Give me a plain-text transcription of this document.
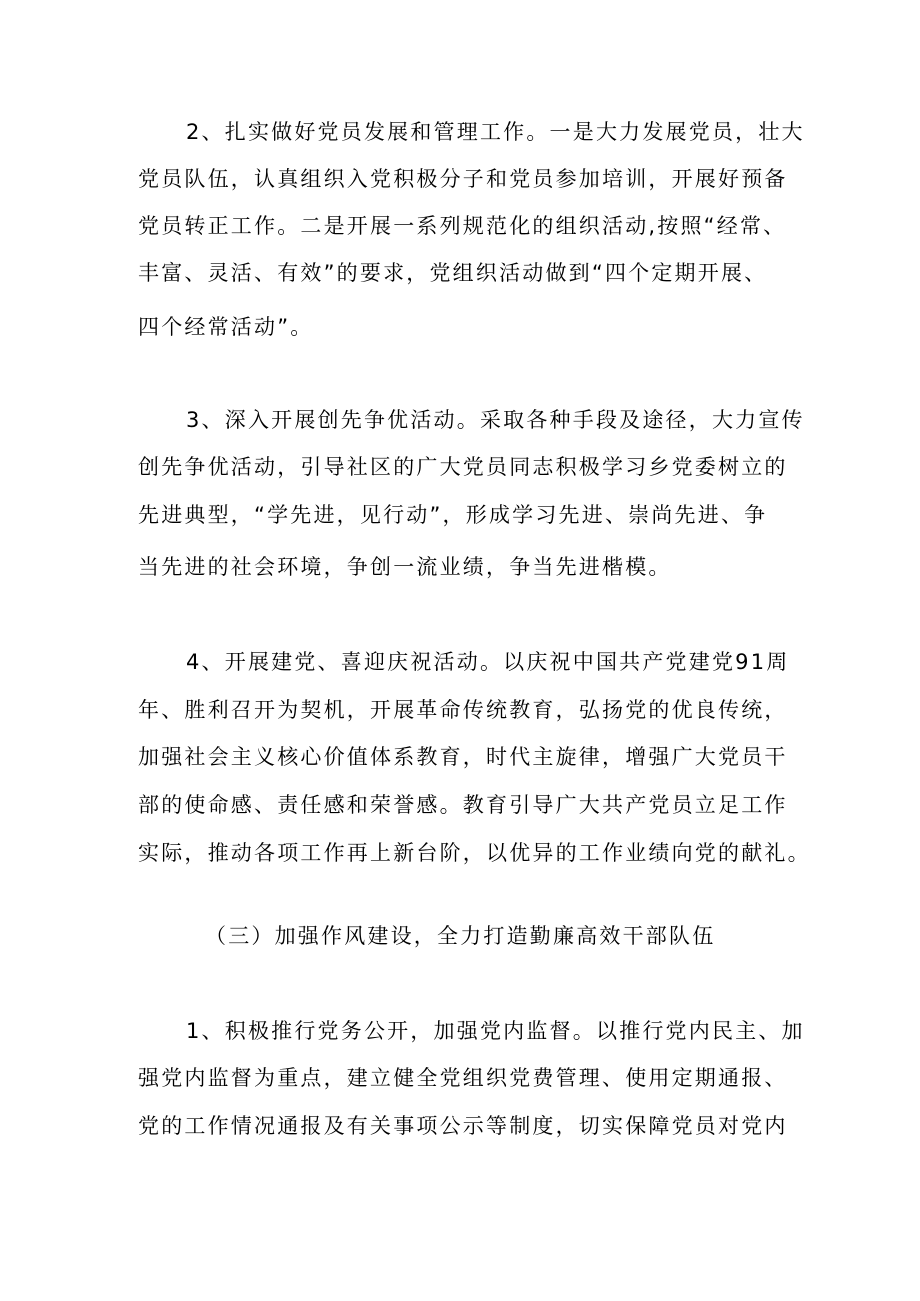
2、扎实做好党员发展和管理工作。一是大力发展党员，壮大
党员队伍，认真组织入党积极分子和党员参加培训，开展好预备
党员转正工作。二是开展一系列规范化的组织活动,按照“经常、
丰富、灵活、有效”的要求，党组织活动做到“四个定期开展、
四个经常活动”。
3、深入开展创先争优活动。采取各种手段及途径，大力宣传
创先争优活动，引导社区的广大党员同志积极学习乡党委树立的
先进典型，“学先进，见行动”，形成学习先进、崇尚先进、争
当先进的社会环境，争创一流业绩，争当先进楷模。
4、开展建党、喜迎庆祝活动。以庆祝中国共产党建党91周
年、胜利召开为契机，开展革命传统教育，弘扬党的优良传统，
加强社会主义核心价值体系教育，时代主旋律，增强广大党员干
部的使命感、责任感和荣誉感。教育引导广大共产党员立足工作
实际，推动各项工作再上新台阶，以优异的工作业绩向党的献礼。
（三）加强作风建设，全力打造勤廉高效干部队伍
1、积极推行党务公开，加强党内监督。以推行党内民主、加
强党内监督为重点，建立健全党组织党费管理、使用定期通报、
党的工作情况通报及有关事项公示等制度，切实保障党员对党内
